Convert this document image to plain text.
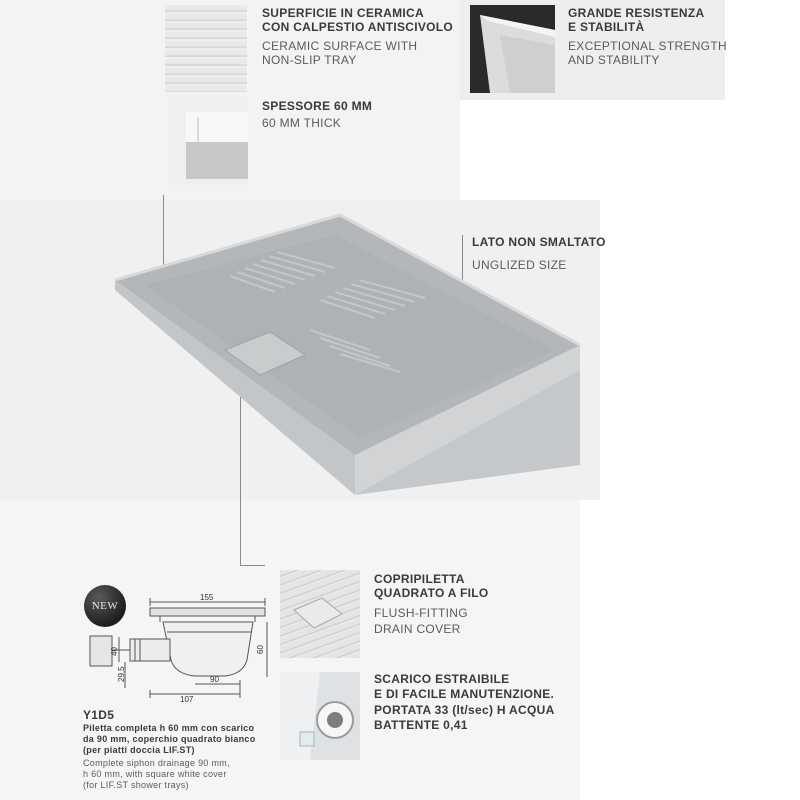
SUPERFICIE IN CERAMICA
CON CALPESTIO ANTISCIVOLO
CERAMIC SURFACE WITH
NON-SLIP TRAY
GRANDE RESISTENZA
E STABILITÀ
EXCEPTIONAL STRENGTH
AND STABILITY
SPESSORE 60 MM
60 MM THICK
LATO NON SMALTATO
UNGLIZED SIZE
COPRIPILETTA
QUADRATO A FILO
FLUSH-FITTING
DRAIN COVER
SCARICO ESTRAIBILE
E DI FACILE MANUTENZIONE.
PORTATA 33 (lt/sec) H ACQUA
BATTENTE 0,41
NEW
155
40
29,5
60
90
107
Y1D5
Piletta completa h 60 mm con scarico
da 90 mm, coperchio quadrato bianco
(per piatti doccia LIF.ST)
Complete siphon drainage 90 mm,
h 60 mm, with square white cover
(for LIF.ST shower trays)
